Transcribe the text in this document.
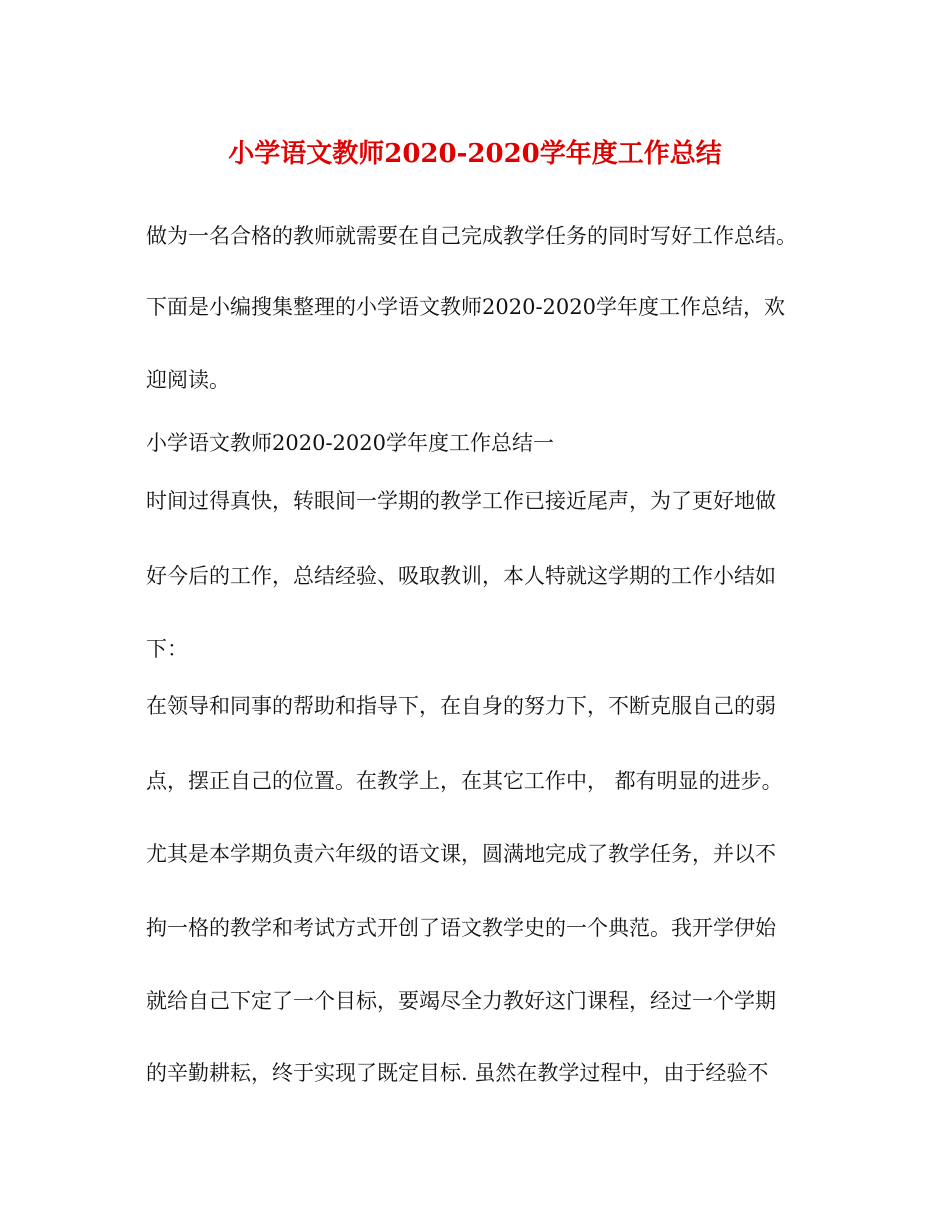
小学语文教师2020-2020学年度工作总结
做为一名合格的教师就需要在自己完成教学任务的同时写好工作总结。
下面是小编搜集整理的小学语文教师2020-2020学年度工作总结，欢
迎阅读。
小学语文教师2020-2020学年度工作总结一
时间过得真快，转眼间一学期的教学工作已接近尾声，为了更好地做
好今后的工作，总结经验、吸取教训，本人特就这学期的工作小结如
下：
在领导和同事的帮助和指导下，在自身的努力下，不断克服自己的弱
点，摆正自己的位置。在教学上，在其它工作中， 都有明显的进步。
尤其是本学期负责六年级的语文课，圆满地完成了教学任务，并以不
拘一格的教学和考试方式开创了语文教学史的一个典范。我开学伊始
就给自己下定了一个目标，要竭尽全力教好这门课程，经过一个学期
的辛勤耕耘，终于实现了既定目标. 虽然在教学过程中，由于经验不
